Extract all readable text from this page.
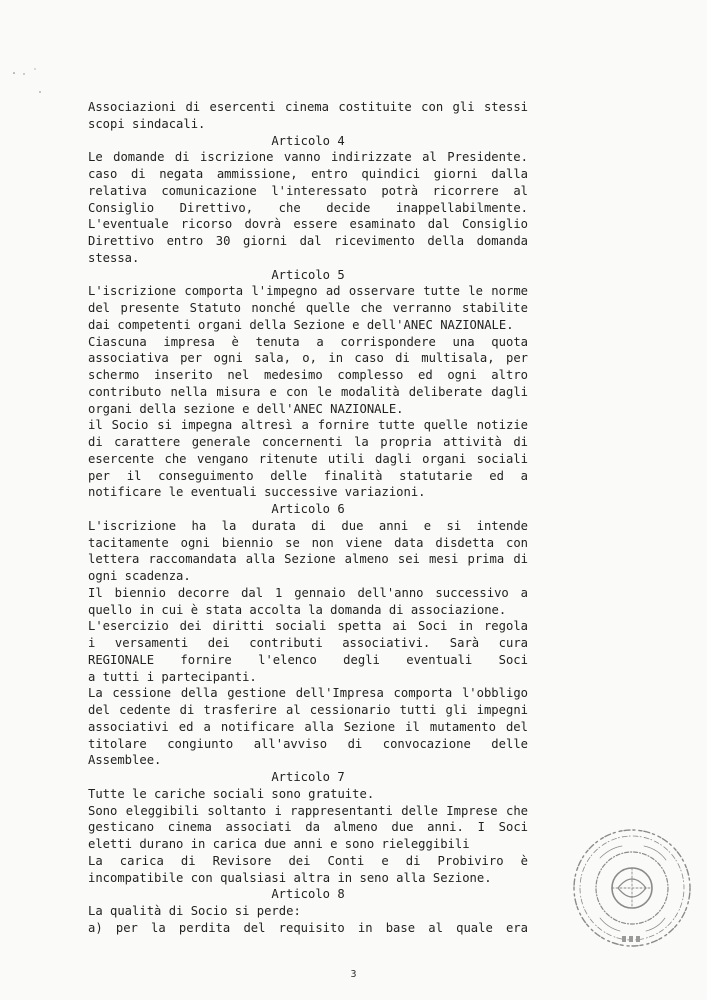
Associazioni di esercenti cinema costituite con gli stessi
scopi sindacali.
Articolo 4
Le domande di iscrizione vanno indirizzate al Presidente.
caso di negata ammissione, entro quindici giorni dalla
relativa comunicazione l'interessato potrà ricorrere al
Consiglio Direttivo, che decide inappellabilmente.
L'eventuale ricorso dovrà essere esaminato dal Consiglio
Direttivo entro 30 giorni dal ricevimento della domanda
stessa.
Articolo 5
L'iscrizione comporta l'impegno ad osservare tutte le norme
del presente Statuto nonché quelle che verranno stabilite
dai competenti organi della Sezione e dell'ANEC NAZIONALE.
Ciascuna impresa è tenuta a corrispondere una quota
associativa per ogni sala, o, in caso di multisala, per
schermo inserito nel medesimo complesso ed ogni altro
contributo nella misura e con le modalità deliberate dagli
organi della sezione e dell'ANEC NAZIONALE.
il Socio si impegna altresì a fornire tutte quelle notizie
di carattere generale concernenti la propria attività di
esercente che vengano ritenute utili dagli organi sociali
per il conseguimento delle finalità statutarie ed a
notificare le eventuali successive variazioni.
Articolo 6
L'iscrizione ha la durata di due anni e si intende
tacitamente ogni biennio se non viene data disdetta con
lettera raccomandata alla Sezione almeno sei mesi prima di
ogni scadenza.
Il biennio decorre dal 1 gennaio dell'anno successivo a
quello in cui è stata accolta la domanda di associazione.
L'esercizio dei diritti sociali spetta ai Soci in regola
i versamenti dei contributi associativi. Sarà cura
REGIONALE fornire l'elenco degli eventuali Soci
a tutti i partecipanti.
La cessione della gestione dell'Impresa comporta l'obbligo
del cedente di trasferire al cessionario tutti gli impegni
associativi ed a notificare alla Sezione il mutamento del
titolare congiunto all'avviso di convocazione delle
Assemblee.
Articolo 7
Tutte le cariche sociali sono gratuite.
Sono eleggibili soltanto i rappresentanti delle Imprese che
gesticano cinema associati da almeno due anni. I Soci
eletti durano in carica due anni e sono rieleggibili
La carica di Revisore dei Conti e di Probiviro è
incompatibile con qualsiasi altra in seno alla Sezione.
Articolo 8
La qualità di Socio si perde:
a) per la perdita del requisito in base al quale era
3
